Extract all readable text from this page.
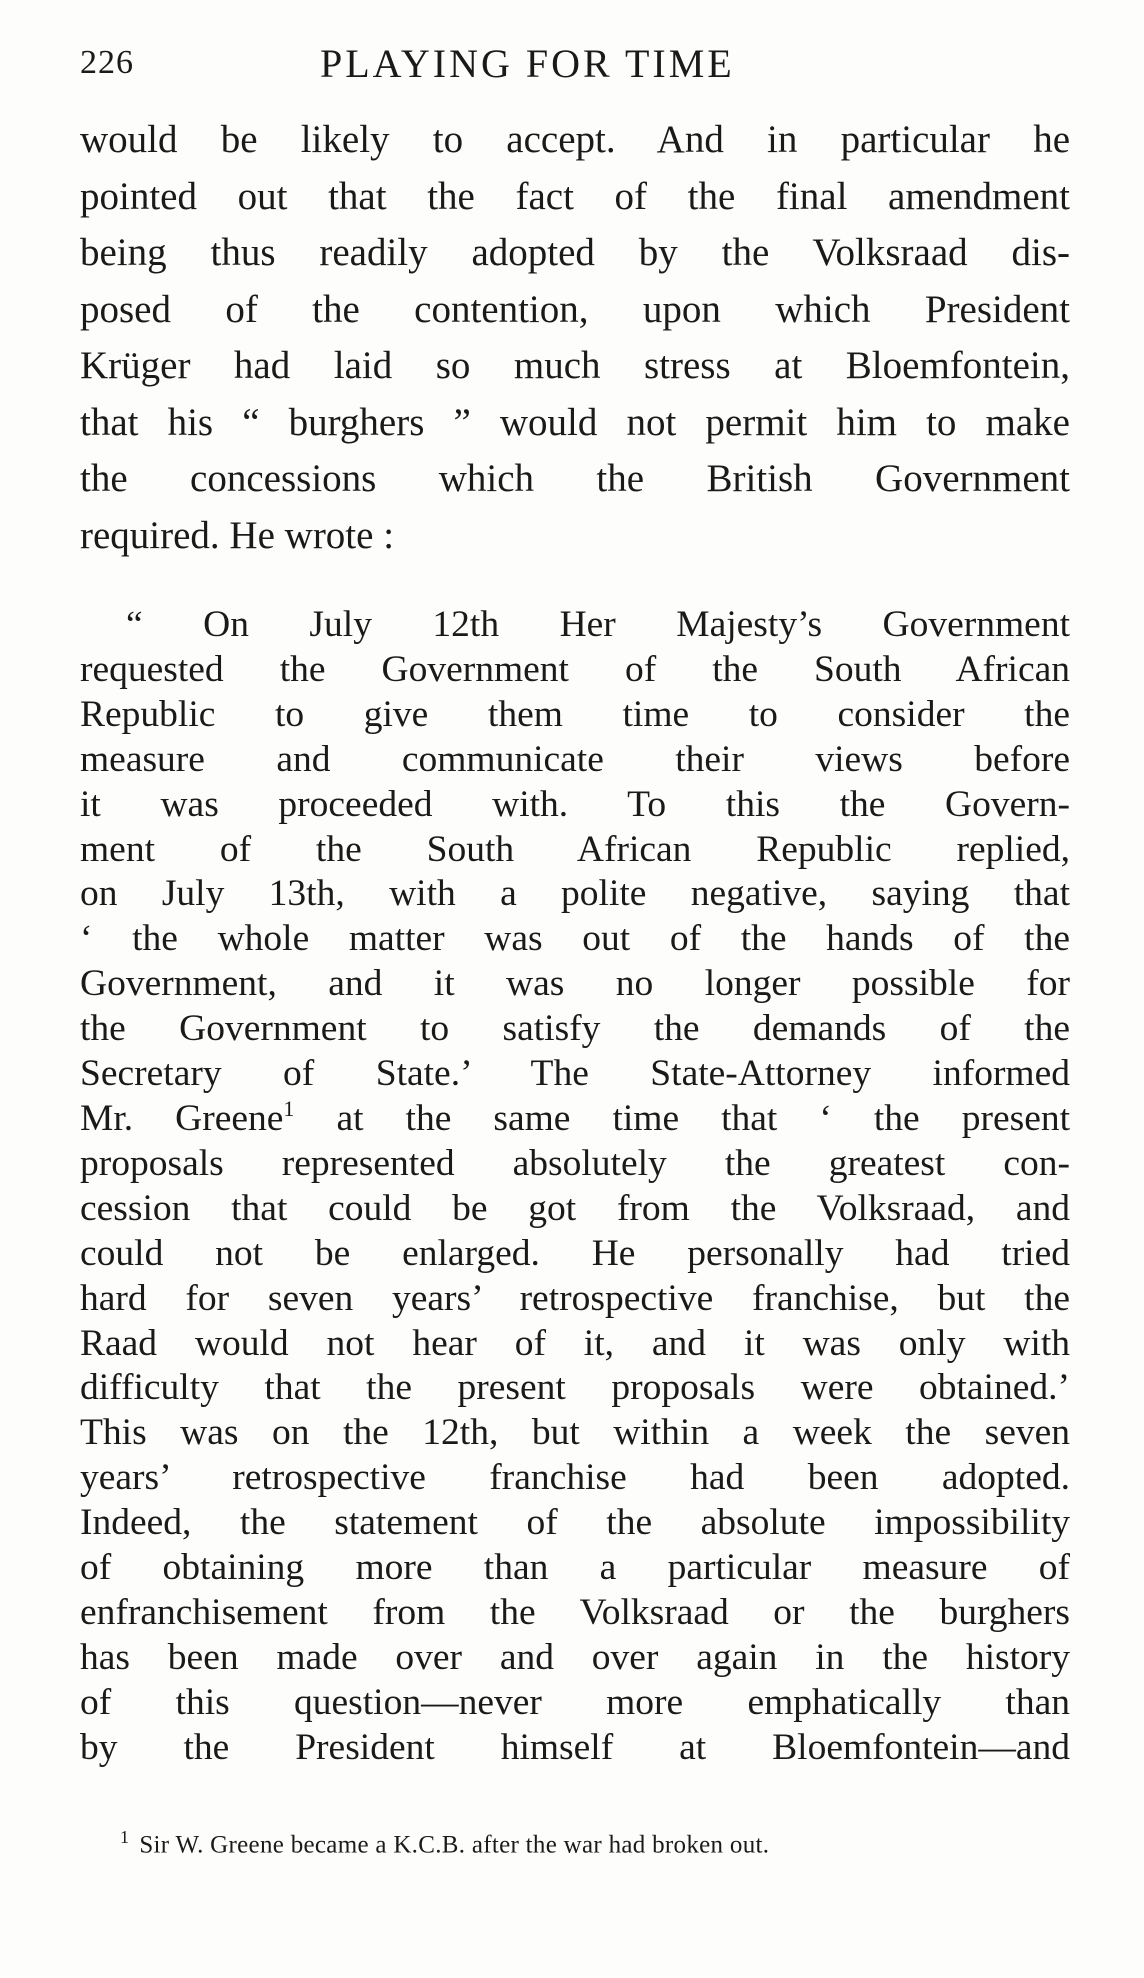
226	PLAYING FOR TIME
would be likely to accept. And in particular he
pointed out that the fact of the final amendment
being thus readily adopted by the Volksraad dis-
posed of the contention, upon which President
Krüger had laid so much stress at Bloemfontein,
that his “ burghers ” would not permit him to make
the concessions which the British Government
required. He wrote :
“ On July 12th Her Majesty’s Government
requested the Government of the South African
Republic to give them time to consider the
measure and communicate their views before
it was proceeded with. To this the Govern-
ment of the South African Republic replied,
on July 13th, with a polite negative, saying that
‘ the whole matter was out of the hands of the
Government, and it was no longer possible for
the Government to satisfy the demands of the
Secretary of State.’ The State-Attorney informed
Mr. Greene$^1$ at the same time that ‘ the present
proposals represented absolutely the greatest con-
cession that could be got from the Volksraad, and
could not be enlarged. He personally had tried
hard for seven years’ retrospective franchise, but the
Raad would not hear of it, and it was only with
difficulty that the present proposals were obtained.’
This was on the 12th, but within a week the seven
years’ retrospective franchise had been adopted.
Indeed, the statement of the absolute impossibility
of obtaining more than a particular measure of
enfranchisement from the Volksraad or the burghers
has been made over and over again in the history
of this question—never more emphatically than
by the President himself at Bloemfontein—and
$^1$ Sir W. Greene became a K.C.B. after the war had broken out.
